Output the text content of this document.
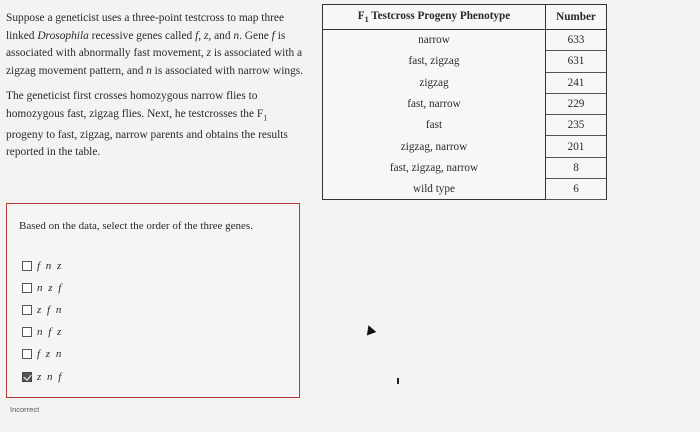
Suppose a geneticist uses a three-point testcross to map three linked Drosophila recessive genes called f, z, and n. Gene f is associated with abnormally fast movement, z is associated with a zigzag movement pattern, and n is associated with narrow wings.

The geneticist first crosses homozygous narrow flies to homozygous fast, zigzag flies. Next, he testcrosses the $F_1$ progeny to fast, zigzag, narrow parents and obtains the results reported in the table.

$F_1$ Testcross Progeny Phenotype	Number
narrow	633
fast, zigzag	631
zigzag	241
fast, narrow	229
fast	235
zigzag, narrow	201
fast, zigzag, narrow	8
wild type	6
Based on the data, select the order of the three genes.
f n z
n z f
z f n
n f z
f z n
z n f
Incorrect
